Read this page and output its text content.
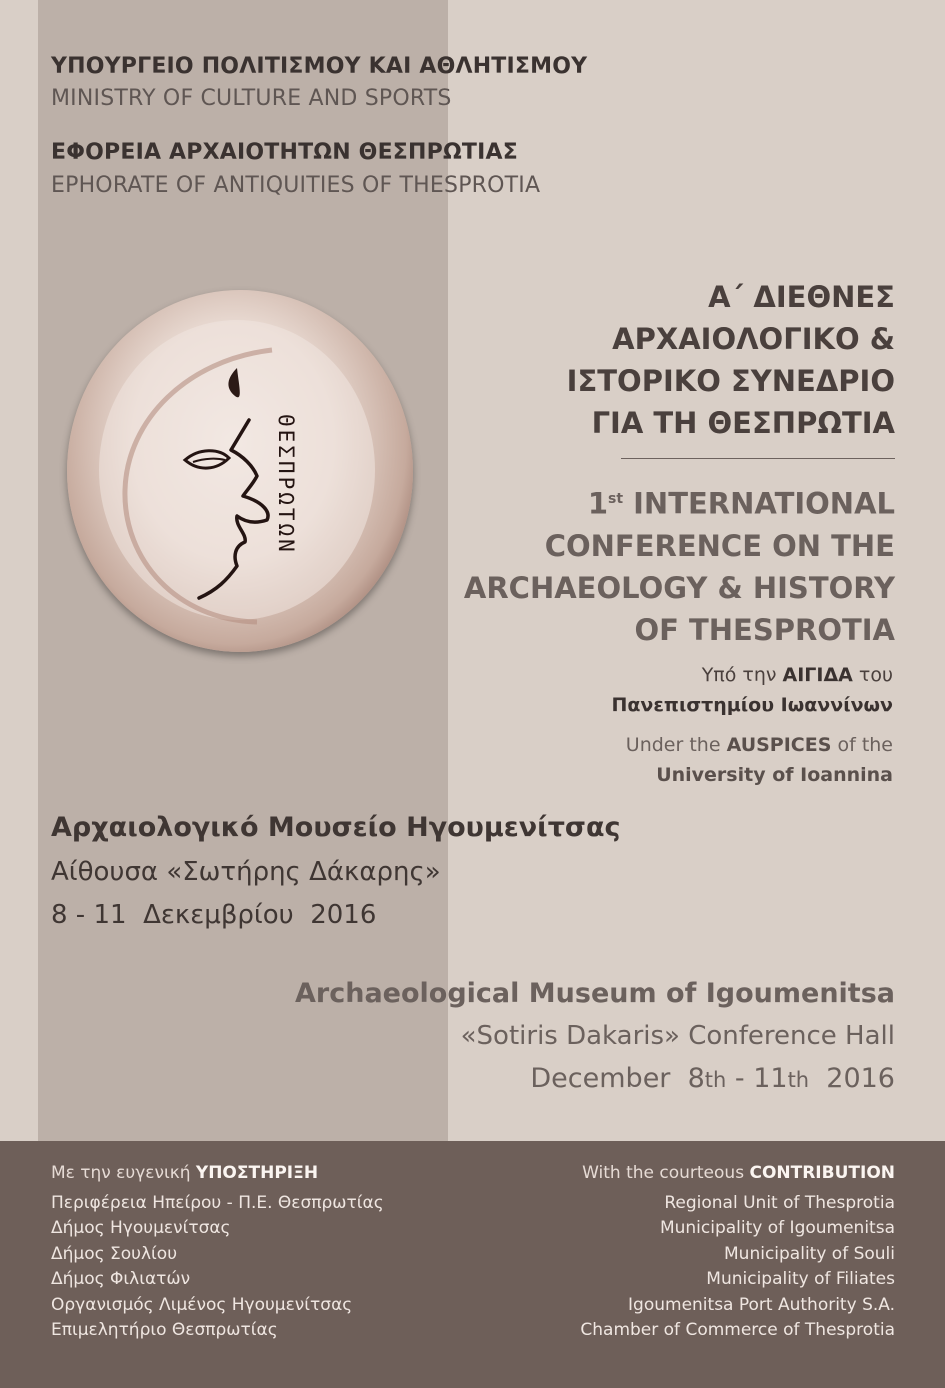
ΥΠΟΥΡΓΕΙΟ ΠΟΛΙΤΙΣΜΟΥ ΚΑΙ ΑΘΛΗΤΙΣΜΟΥ
MINISTRY OF CULTURE AND SPORTS
ΕΦΟΡΕΙΑ ΑΡΧΑΙΟΤΗΤΩΝ ΘΕΣΠΡΩΤΙΑΣ
EPHORATE OF ANTIQUITIES OF THESPROTIA
ΘΕΣΠΡΩΤΩΝ
Α΄ ΔΙΕΘΝΕΣ
ΑΡΧΑΙΟΛΟΓΙΚΟ &
ΙΣΤΟΡΙΚΟ ΣΥΝΕΔΡΙΟ
ΓΙΑ ΤΗ ΘΕΣΠΡΩΤΙΑ
1st INTERNATIONAL
CONFERENCE ON THE
ARCHAEOLOGY & HISTORY
OF THESPROTIA
Υπό την ΑΙΓΙΔΑ του
Πανεπιστημίου Ιωαννίνων
Under the AUSPICES of the
University of Ioannina
Αρχαιολογικό Μουσείο Ηγουμενίτσας
Αίθουσα «Σωτήρης Δάκαρης»
8 - 11  Δεκεμβρίου  2016
Archaeological Museum of Igoumenitsa
«Sotiris Dakaris» Conference Hall
December  8th - 11th  2016
Με την ευγενική ΥΠΟΣΤΗΡΙΞΗ
Περιφέρεια Ηπείρου - Π.Ε. Θεσπρωτίας
Δήμος Ηγουμενίτσας
Δήμος Σουλίου
Δήμος Φιλιατών
Οργανισμός Λιμένος Ηγουμενίτσας
Επιμελητήριο Θεσπρωτίας
With the courteous CONTRIBUTION
Regional Unit of Thesprotia
Municipality of Igoumenitsa
Municipality of Souli
Municipality of Filiates
Igoumenitsa Port Authority S.A.
Chamber of Commerce of Thesprotia
